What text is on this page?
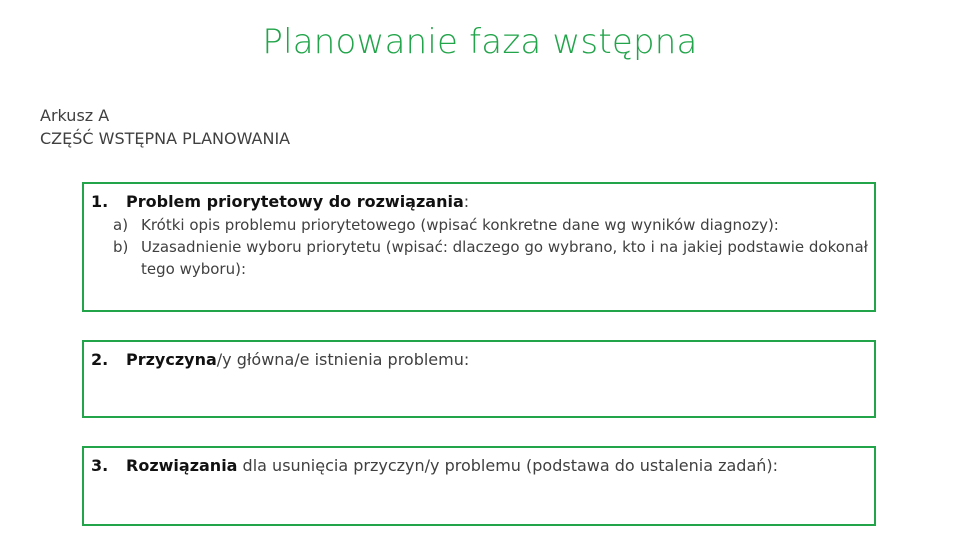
Planowanie faza wstępna
Arkusz A
CZĘŚĆ WSTĘPNA PLANOWANIA
1. Problem priorytetowy do rozwiązania:
a) Krótki opis problemu priorytetowego (wpisać konkretne dane wg wyników diagnozy):
b) Uzasadnienie wyboru priorytetu (wpisać: dlaczego go wybrano, kto i na jakiej podstawie dokonał tego wyboru):
2. Przyczyna/y główna/e istnienia problemu:
3. Rozwiązania dla usunięcia przyczyn/y problemu (podstawa do ustalenia zadań):
